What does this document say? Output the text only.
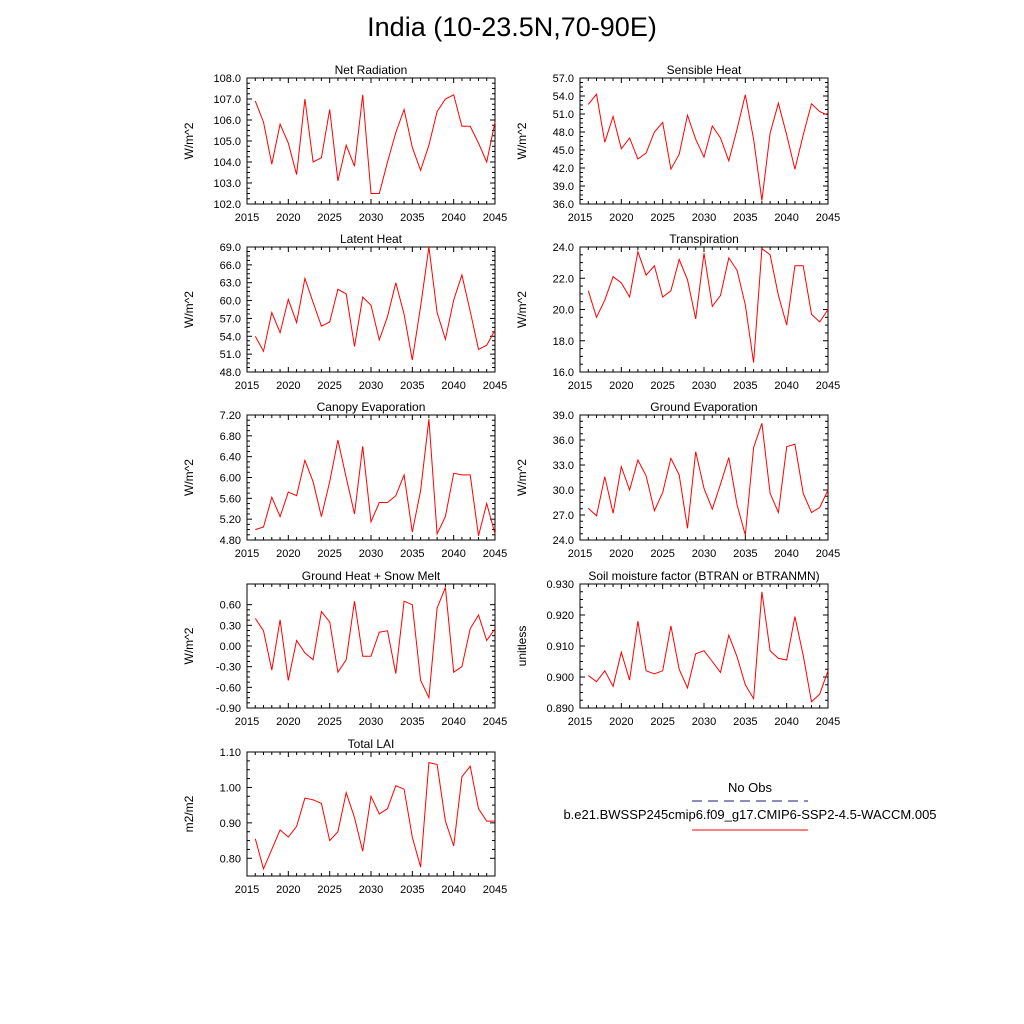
India (10-23.5N,70-90E)
Net Radiation
W/m^2
2015 2020 2025 2030 2035 2040 2045
102.0
103.0
104.0
105.0
106.0
107.0
108.0
Sensible Heat
W/m^2
2015 2020 2025 2030 2035 2040 2045
36.0
39.0
42.0
45.0
48.0
51.0
54.0
57.0
Latent Heat
W/m^2
2015 2020 2025 2030 2035 2040 2045
48.0
51.0
54.0
57.0
60.0
63.0
66.0
69.0
Transpiration
W/m^2
2015 2020 2025 2030 2035 2040 2045
16.0
18.0
20.0
22.0
24.0
Canopy Evaporation
W/m^2
2015 2020 2025 2030 2035 2040 2045
4.80
5.20
5.60
6.00
6.40
6.80
7.20
Ground Evaporation
W/m^2
2015 2020 2025 2030 2035 2040 2045
24.0
27.0
30.0
33.0
36.0
39.0
Ground Heat + Snow Melt
W/m^2
2015 2020 2025 2030 2035 2040 2045
-0.90
-0.60
-0.30
0.00
0.30
0.60
Soil moisture factor (BTRAN or BTRANMN)
unitless
2015 2020 2025 2030 2035 2040 2045
0.890
0.900
0.910
0.920
0.930
Total LAI
m2/m2
2015 2020 2025 2030 2035 2040 2045
0.80
0.90
1.00
1.10
No Obs
b.e21.BWSSP245cmip6.f09_g17.CMIP6-SSP2-4.5-WACCM.005
